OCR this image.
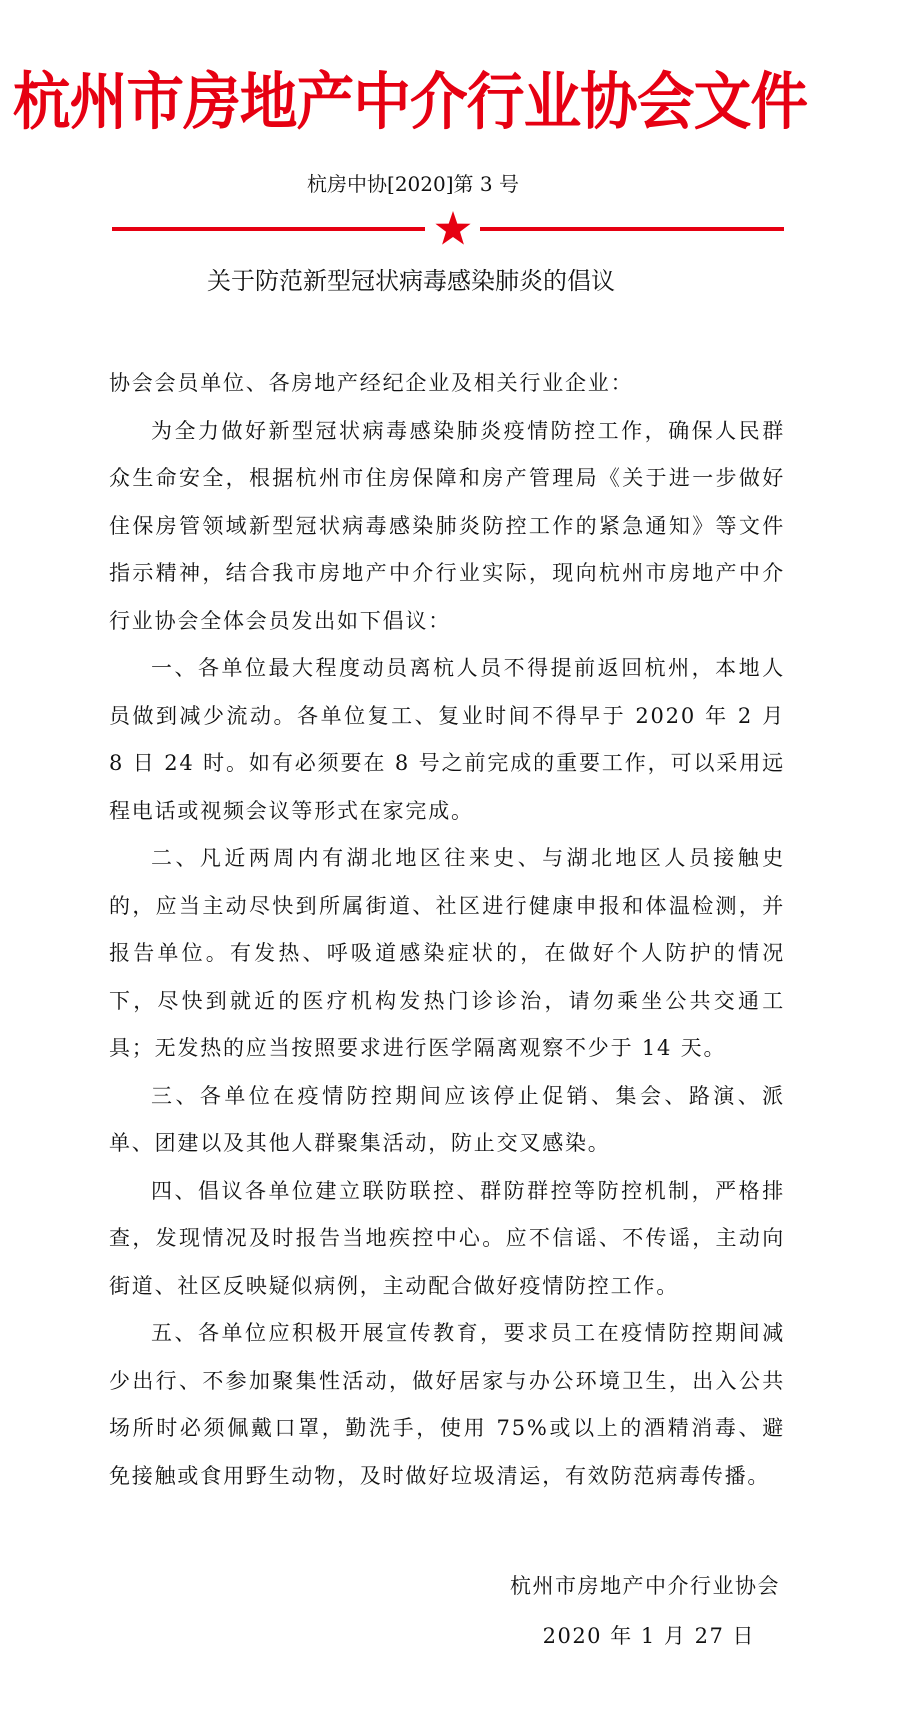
杭州市房地产中介行业协会文件
杭房中协[2020]第 3 号
关于防范新型冠状病毒感染肺炎的倡议

协会会员单位、各房地产经纪企业及相关行业企业：

为全力做好新型冠状病毒感染肺炎疫情防控工作，确保人民群众生命安全，根据杭州市住房保障和房产管理局《关于进一步做好住保房管领域新型冠状病毒感染肺炎防控工作的紧急通知》等文件指示精神，结合我市房地产中介行业实际，现向杭州市房地产中介行业协会全体会员发出如下倡议：

一、各单位最大程度动员离杭人员不得提前返回杭州，本地人员做到减少流动。各单位复工、复业时间不得早于 2020 年 2 月 8 日 24 时。如有必须要在 8 号之前完成的重要工作，可以采用远程电话或视频会议等形式在家完成。

二、凡近两周内有湖北地区往来史、与湖北地区人员接触史的，应当主动尽快到所属街道、社区进行健康申报和体温检测，并报告单位。有发热、呼吸道感染症状的，在做好个人防护的情况下，尽快到就近的医疗机构发热门诊诊治，请勿乘坐公共交通工具；无发热的应当按照要求进行医学隔离观察不少于 14 天。

三、各单位在疫情防控期间应该停止促销、集会、路演、派单、团建以及其他人群聚集活动，防止交叉感染。

四、倡议各单位建立联防联控、群防群控等防控机制，严格排查，发现情况及时报告当地疾控中心。应不信谣、不传谣，主动向街道、社区反映疑似病例，主动配合做好疫情防控工作。

五、各单位应积极开展宣传教育，要求员工在疫情防控期间减少出行、不参加聚集性活动，做好居家与办公环境卫生，出入公共场所时必须佩戴口罩，勤洗手，使用 75%或以上的酒精消毒、避免接触或食用野生动物，及时做好垃圾清运，有效防范病毒传播。

杭州市房地产中介行业协会
2020 年 1 月 27 日
